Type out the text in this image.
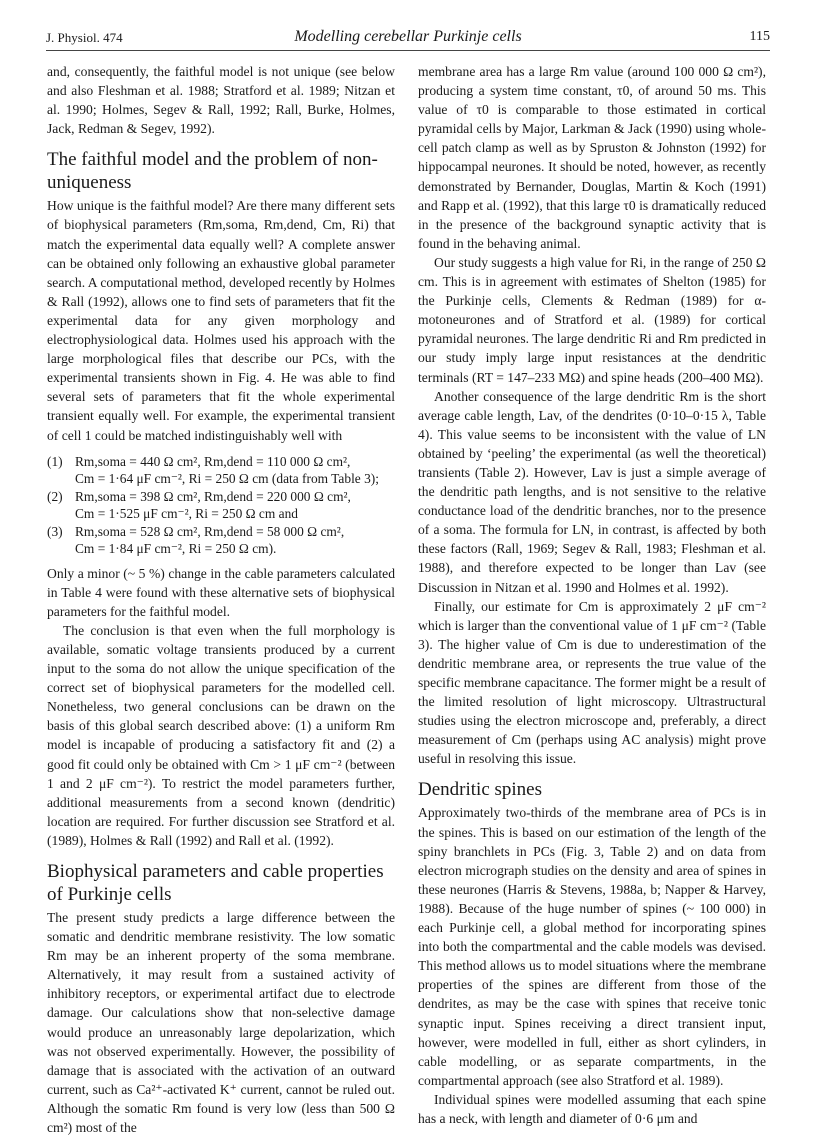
J. Physiol. 474	Modelling cerebellar Purkinje cells	115

and, consequently, the faithful model is not unique (see below and also Fleshman et al. 1988; Stratford et al. 1989; Nitzan et al. 1990; Holmes, Segev & Rall, 1992; Rall, Burke, Holmes, Jack, Redman & Segev, 1992).

The faithful model and the problem of non-uniqueness

How unique is the faithful model? Are there many different sets of biophysical parameters (Rm,soma, Rm,dend, Cm, Ri) that match the experimental data equally well? A complete answer can be obtained only following an exhaustive global parameter search. A computational method, developed recently by Holmes & Rall (1992), allows one to find sets of parameters that fit the experimental data for any given morphology and electrophysiological data. Holmes used his approach with the large morphological files that describe our PCs, with the experimental transients shown in Fig. 4. He was able to find several sets of parameters that fit the whole experimental transient equally well. For example, the experimental transient of cell 1 could be matched indistinguishably well with

(1) Rm,soma = 440 Ω cm², Rm,dend = 110 000 Ω cm²,
Cm = 1·64 μF cm⁻², Ri = 250 Ω cm (data from Table 3);
(2) Rm,soma = 398 Ω cm², Rm,dend = 220 000 Ω cm²,
Cm = 1·525 μF cm⁻², Ri = 250 Ω cm and
(3) Rm,soma = 528 Ω cm², Rm,dend = 58 000 Ω cm²,
Cm = 1·84 μF cm⁻², Ri = 250 Ω cm).

Only a minor (~ 5 %) change in the cable parameters calculated in Table 4 were found with these alternative sets of biophysical parameters for the faithful model.

The conclusion is that even when the full morphology is available, somatic voltage transients produced by a current input to the soma do not allow the unique specification of the correct set of biophysical parameters for the modelled cell. Nonetheless, two general conclusions can be drawn on the basis of this global search described above: (1) a uniform Rm model is incapable of producing a satisfactory fit and (2) a good fit could only be obtained with Cm > 1 μF cm⁻² (between 1 and 2 μF cm⁻²). To restrict the model parameters further, additional measurements from a second known (dendritic) location are required. For further discussion see Stratford et al. (1989), Holmes & Rall (1992) and Rall et al. (1992).

Biophysical parameters and cable properties of Purkinje cells

The present study predicts a large difference between the somatic and dendritic membrane resistivity. The low somatic Rm may be an inherent property of the soma membrane. Alternatively, it may result from a sustained activity of inhibitory receptors, or experimental artifact due to electrode damage. Our calculations show that non-selective damage would produce an unreasonably large depolarization, which was not observed experimentally. However, the possibility of damage that is associated with the activation of an outward current, such as Ca²⁺-activated K⁺ current, cannot be ruled out. Although the somatic Rm found is very low (less than 500 Ω cm²) most of the

membrane area has a large Rm value (around 100 000 Ω cm²), producing a system time constant, τ0, of around 50 ms. This value of τ0 is comparable to those estimated in cortical pyramidal cells by Major, Larkman & Jack (1990) using whole-cell patch clamp as well as by Spruston & Johnston (1992) for hippocampal neurones. It should be noted, however, as recently demonstrated by Bernander, Douglas, Martin & Koch (1991) and Rapp et al. (1992), that this large τ0 is dramatically reduced in the presence of the background synaptic activity that is found in the behaving animal.

Our study suggests a high value for Ri, in the range of 250 Ω cm. This is in agreement with estimates of Shelton (1985) for the Purkinje cells, Clements & Redman (1989) for α-motoneurones and of Stratford et al. (1989) for cortical pyramidal neurones. The large dendritic Ri and Rm predicted in our study imply large input resistances at the dendritic terminals (RT = 147–233 MΩ) and spine heads (200–400 MΩ).

Another consequence of the large dendritic Rm is the short average cable length, Lav, of the dendrites (0·10–0·15 λ, Table 4). This value seems to be inconsistent with the value of LN obtained by ‘peeling’ the experimental (as well the theoretical) transients (Table 2). However, Lav is just a simple average of the dendritic path lengths, and is not sensitive to the relative conductance load of the dendritic branches, nor to the presence of a soma. The formula for LN, in contrast, is affected by both these factors (Rall, 1969; Segev & Rall, 1983; Fleshman et al. 1988), and therefore expected to be longer than Lav (see Discussion in Nitzan et al. 1990 and Holmes et al. 1992).

Finally, our estimate for Cm is approximately 2 μF cm⁻² which is larger than the conventional value of 1 μF cm⁻² (Table 3). The higher value of Cm is due to underestimation of the dendritic membrane area, or represents the true value of the specific membrane capacitance. The former might be a result of the limited resolution of light microscopy. Ultrastructural studies using the electron microscope and, preferably, a direct measurement of Cm (perhaps using AC analysis) might prove useful in resolving this issue.

Dendritic spines

Approximately two-thirds of the membrane area of PCs is in the spines. This is based on our estimation of the length of the spiny branchlets in PCs (Fig. 3, Table 2) and on data from electron micrograph studies on the density and area of spines in these neurones (Harris & Stevens, 1988a, b; Napper & Harvey, 1988). Because of the huge number of spines (~ 100 000) in each Purkinje cell, a global method for incorporating spines into both the compartmental and the cable models was devised. This method allows us to model situations where the membrane properties of the spines are different from those of the dendrites, as may be the case with spines that receive tonic synaptic input. Spines receiving a direct transient input, however, were modelled in full, either as short cylinders, in cable modelling, or as separate compartments, in the compartmental approach (see also Stratford et al. 1989).

Individual spines were modelled assuming that each spine has a neck, with length and diameter of 0·6 μm and
